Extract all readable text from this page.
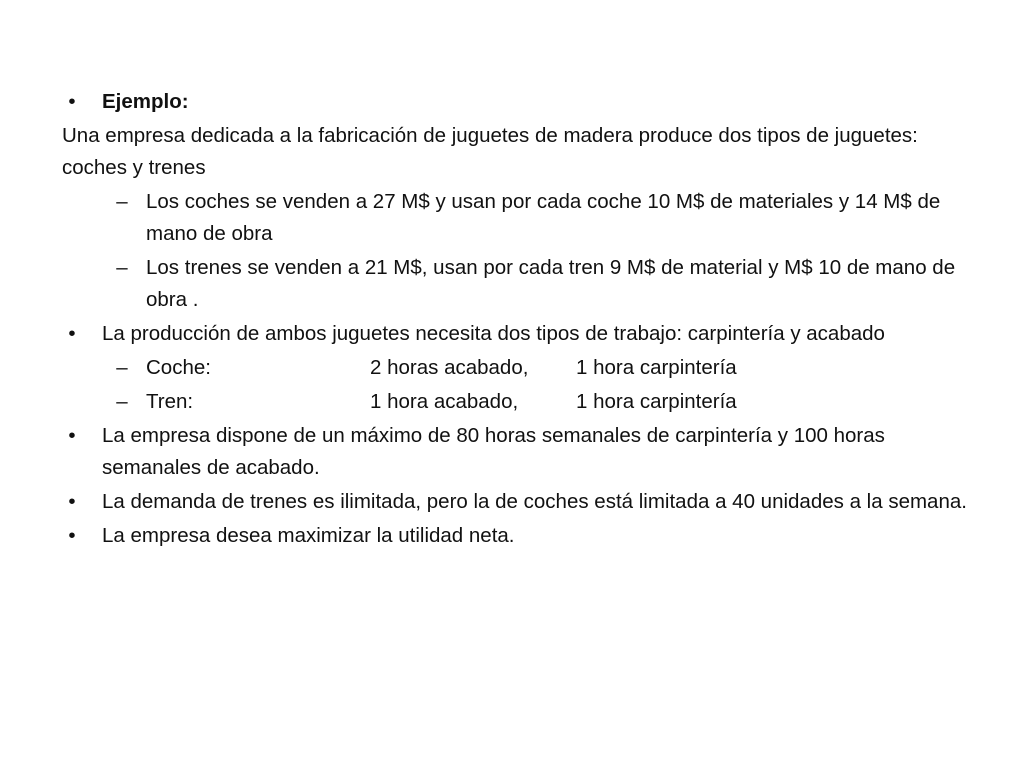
•	Ejemplo:
Una empresa dedicada a la fabricación de juguetes de madera produce dos tipos de juguetes: coches y trenes
– Los coches se venden a 27 M$ y usan por cada coche 10 M$ de materiales y 14 M$ de mano de obra
– Los trenes se venden a 21 M$, usan por cada tren 9 M$ de material y M$ 10 de mano de obra .
•	La producción de ambos juguetes necesita dos tipos de trabajo: carpintería y acabado
– Coche:	2 horas acabado, 1 hora carpintería
– Tren:	1 hora acabado,	1 hora carpintería
•	La empresa dispone de un máximo de 80 horas semanales de carpintería y 100 horas semanales de acabado.
•	La demanda de trenes es ilimitada, pero la de coches está limitada a 40 unidades a la semana.
•	La empresa desea maximizar la utilidad neta.
